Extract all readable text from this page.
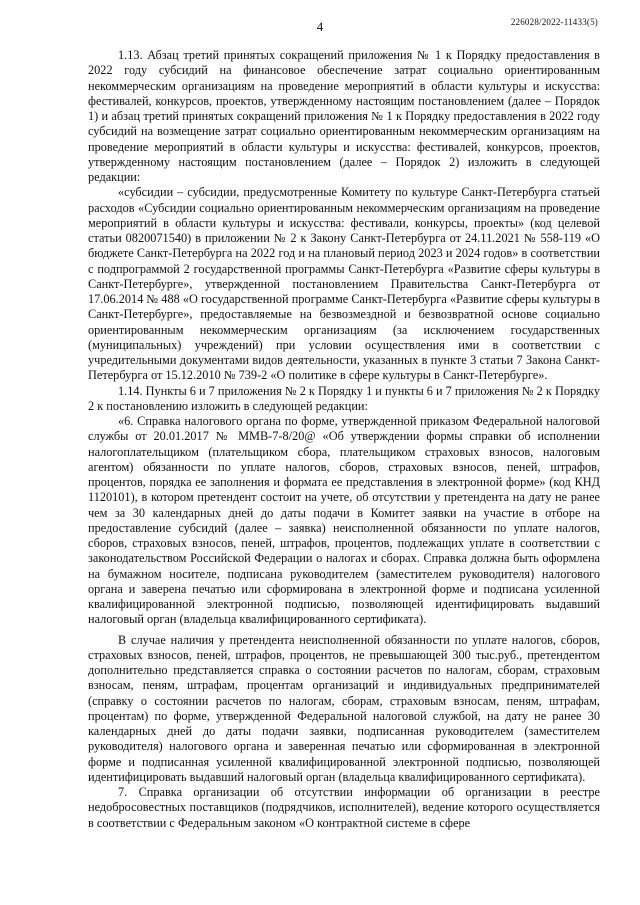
4	226028/2022-11433(5)

1.13. Абзац третий принятых сокращений приложения № 1 к Порядку предоставления в 2022 году субсидий на финансовое обеспечение затрат социально ориентированным некоммерческим организациям на проведение мероприятий в области культуры и искусства: фестивалей, конкурсов, проектов, утвержденному настоящим постановлением (далее – Порядок 1) и абзац третий принятых сокращений приложения № 1 к Порядку предоставления в 2022 году субсидий на возмещение затрат социально ориентированным некоммерческим организациям на проведение мероприятий в области культуры и искусства: фестивалей, конкурсов, проектов, утвержденному настоящим постановлением (далее – Порядок 2) изложить в следующей редакции:

«субсидии – субсидии, предусмотренные Комитету по культуре Санкт-Петербурга статьей расходов «Субсидии социально ориентированным некоммерческим организациям на проведение мероприятий в области культуры и искусства: фестивали, конкурсы, проекты» (код целевой статьи 0820071540) в приложении № 2 к Закону Санкт-Петербурга от 24.11.2021 № 558-119 «О бюджете Санкт-Петербурга на 2022 год и на плановый период 2023 и 2024 годов» в соответствии с подпрограммой 2 государственной программы Санкт-Петербурга «Развитие сферы культуры в Санкт-Петербурге», утвержденной постановлением Правительства Санкт-Петербурга от 17.06.2014 № 488 «О государственной программе Санкт-Петербурга «Развитие сферы культуры в Санкт-Петербурге», предоставляемые на безвозмездной и безвозвратной основе социально ориентированным некоммерческим организациям (за исключением государственных (муниципальных) учреждений) при условии осуществления ими в соответствии с учредительными документами видов деятельности, указанных в пункте 3 статьи 7 Закона Санкт-Петербурга от 15.12.2010 № 739-2 «О политике в сфере культуры в Санкт-Петербурге».

1.14. Пункты 6 и 7 приложения № 2 к Порядку 1 и пункты 6 и 7 приложения № 2 к Порядку 2 к постановлению изложить в следующей редакции:

«6. Справка налогового органа по форме, утвержденной приказом Федеральной налоговой службы от 20.01.2017 № ММВ-7-8/20@ «Об утверждении формы справки об исполнении налогоплательщиком (плательщиком сбора, плательщиком страховых взносов, налоговым агентом) обязанности по уплате налогов, сборов, страховых взносов, пеней, штрафов, процентов, порядка ее заполнения и формата ее представления в электронной форме» (код КНД 1120101), в котором претендент состоит на учете, об отсутствии у претендента на дату не ранее чем за 30 календарных дней до даты подачи в Комитет заявки на участие в отборе на предоставление субсидий (далее – заявка) неисполненной обязанности по уплате налогов, сборов, страховых взносов, пеней, штрафов, процентов, подлежащих уплате в соответствии с законодательством Российской Федерации о налогах и сборах. Справка должна быть оформлена на бумажном носителе, подписана руководителем (заместителем руководителя) налогового органа и заверена печатью или сформирована в электронной форме и подписана усиленной квалифицированной электронной подписью, позволяющей идентифицировать выдавший налоговый орган (владельца квалифицированного сертификата).

В случае наличия у претендента неисполненной обязанности по уплате налогов, сборов, страховых взносов, пеней, штрафов, процентов, не превышающей 300 тыс.руб., претендентом дополнительно представляется справка о состоянии расчетов по налогам, сборам, страховым взносам, пеням, штрафам, процентам организаций и индивидуальных предпринимателей (справку о состоянии расчетов по налогам, сборам, страховым взносам, пеням, штрафам, процентам) по форме, утвержденной Федеральной налоговой службой, на дату не ранее 30 календарных дней до даты подачи заявки, подписанная руководителем (заместителем руководителя) налогового органа и заверенная печатью или сформированная в электронной форме и подписанная усиленной квалифицированной электронной подписью, позволяющей идентифицировать выдавший налоговый орган (владельца квалифицированного сертификата).

7. Справка организации об отсутствии информации об организации в реестре недобросовестных поставщиков (подрядчиков, исполнителей), ведение которого осуществляется в соответствии с Федеральным законом «О контрактной системе в сфере
